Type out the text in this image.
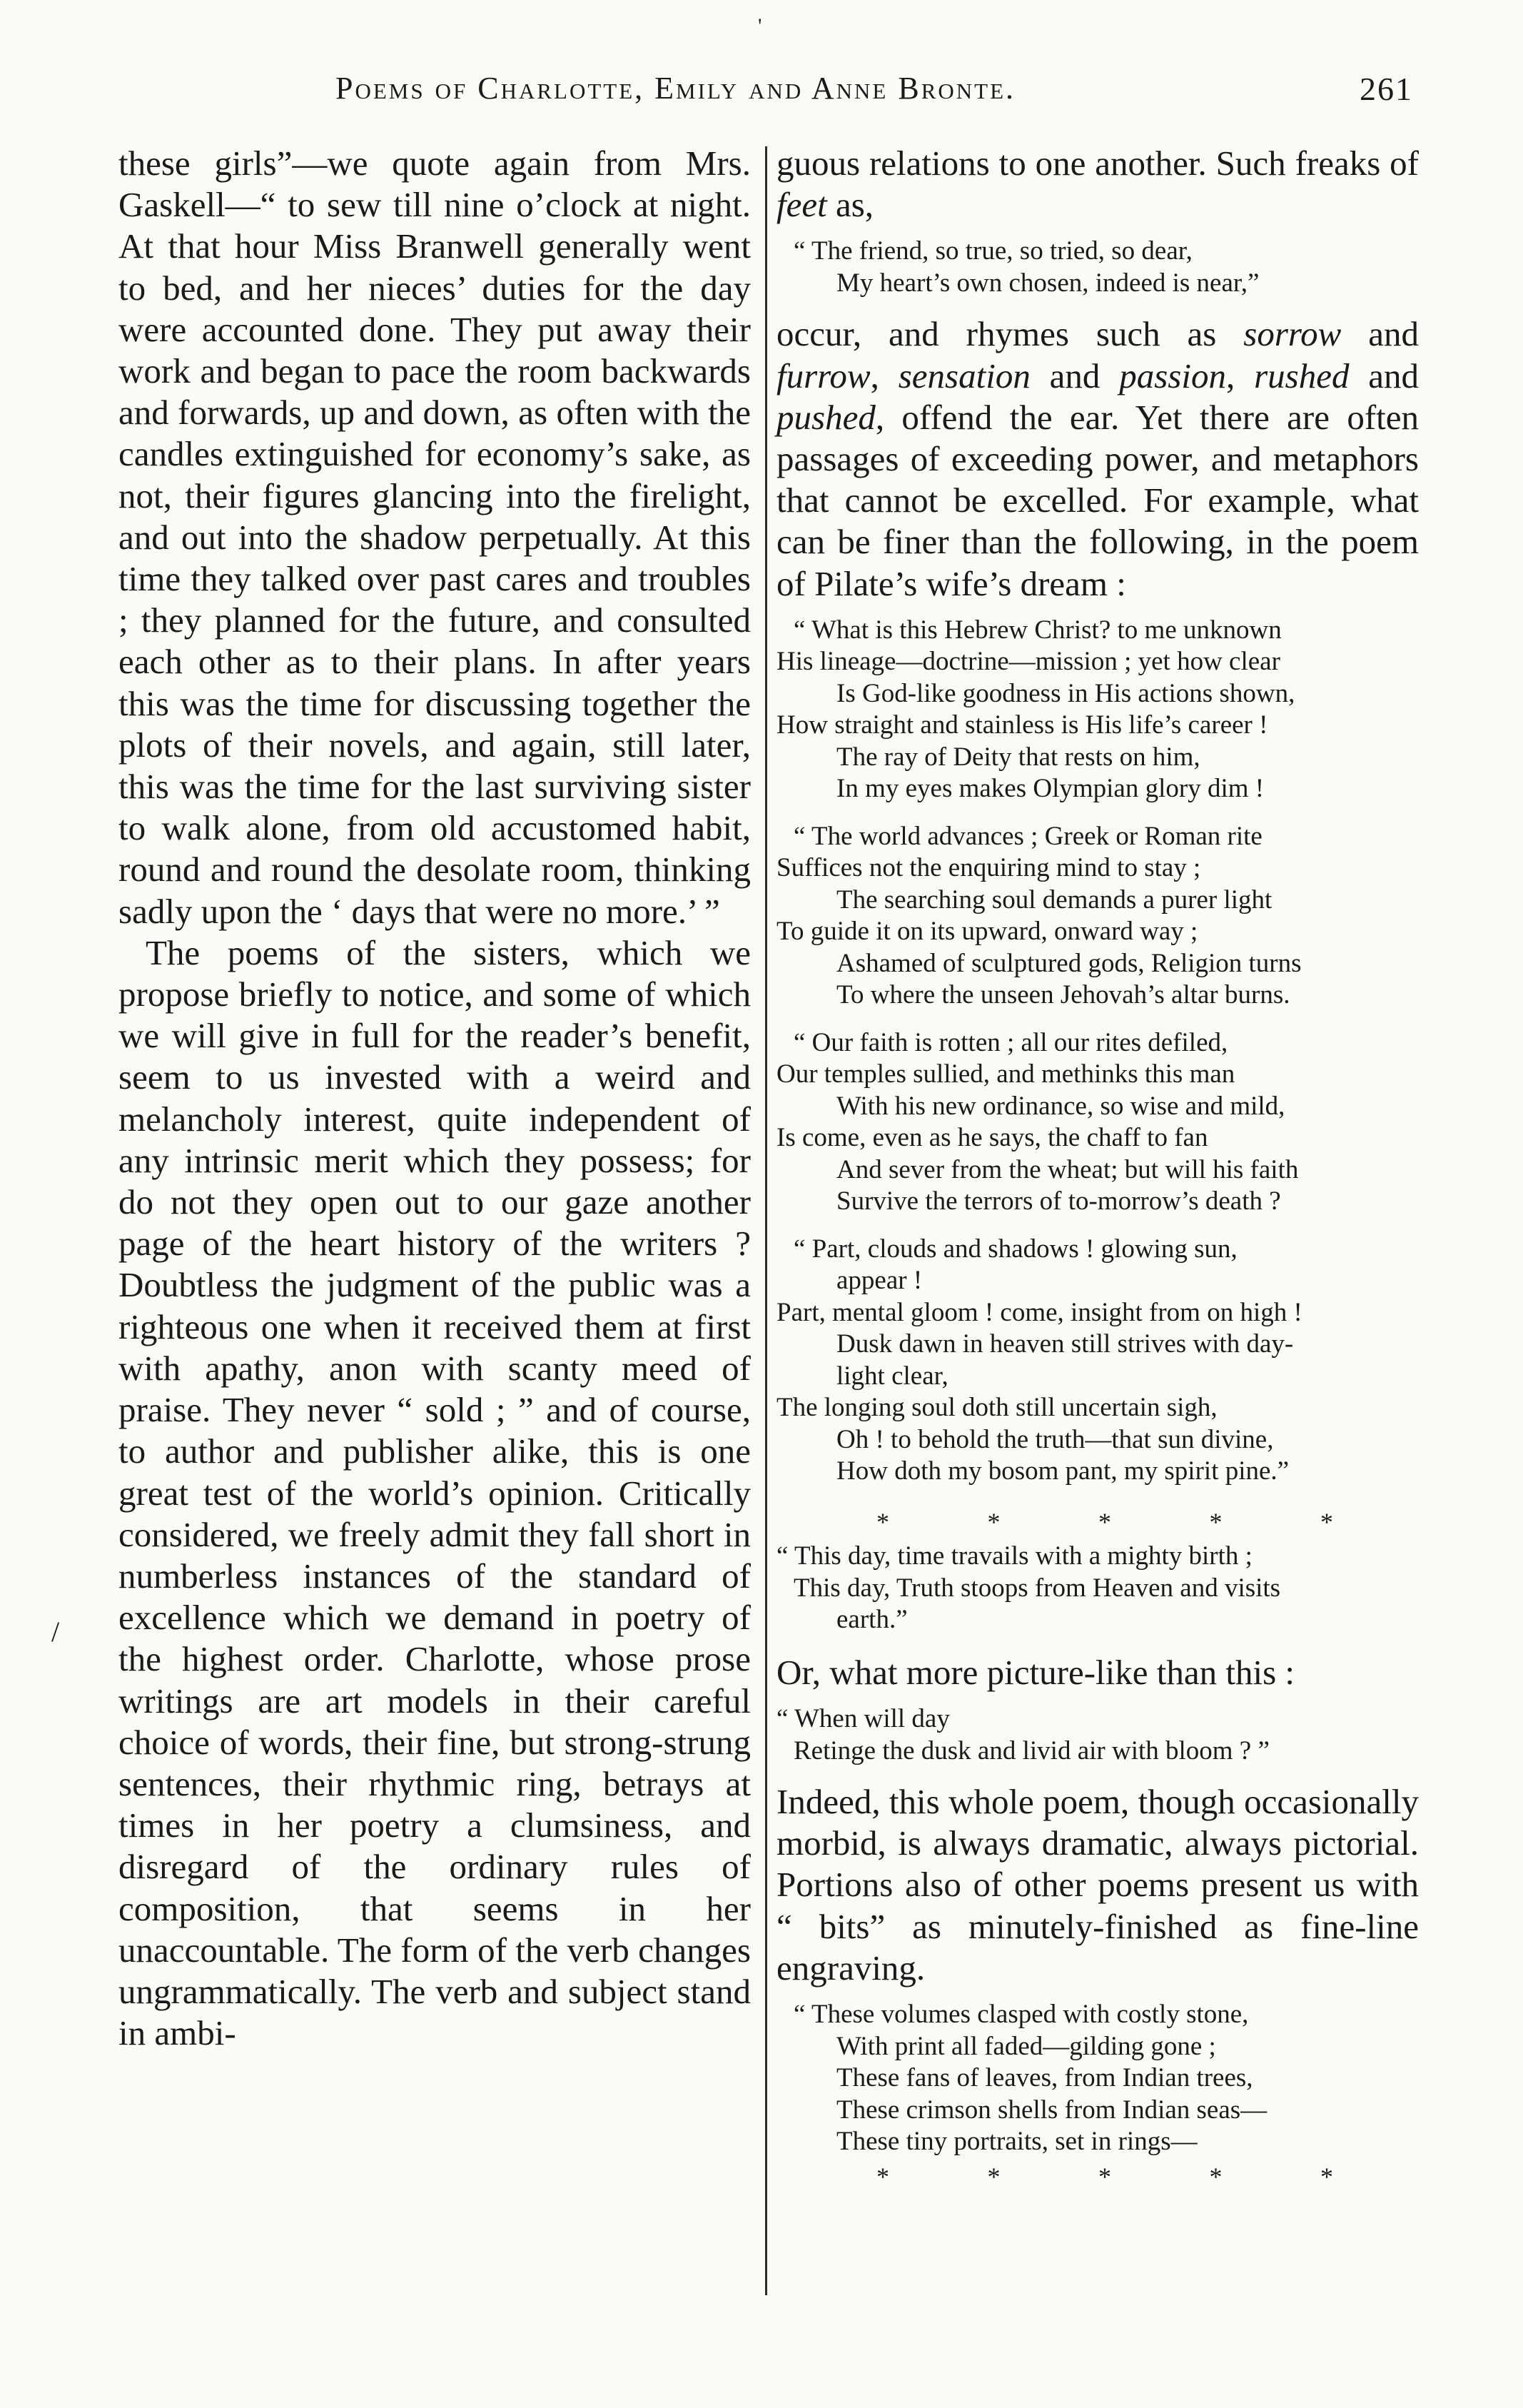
'
Poems of Charlotte, Emily and Anne Bronte.	261
/

these girls”—we quote again from Mrs. Gaskell—“ to sew till nine o’clock at night. At that hour Miss Branwell generally went to bed, and her nieces’ duties for the day were accounted done. They put away their work and began to pace the room backwards and forwards, up and down, as often with the candles extinguished for economy’s sake, as not, their figures glancing into the firelight, and out into the shadow perpetually. At this time they talked over past cares and troubles ; they planned for the future, and consulted each other as to their plans. In after years this was the time for discussing together the plots of their novels, and again, still later, this was the time for the last surviving sister to walk alone, from old accustomed habit, round and round the desolate room, thinking sadly upon the ‘ days that were no more.’ ”

The poems of the sisters, which we propose briefly to notice, and some of which we will give in full for the reader’s benefit, seem to us invested with a weird and melancholy interest, quite independent of any intrinsic merit which they possess; for do not they open out to our gaze another page of the heart history of the writers ? Doubtless the judgment of the public was a righteous one when it received them at first with apathy, anon with scanty meed of praise. They never “ sold ; ” and of course, to author and publisher alike, this is one great test of the world’s opinion. Critically considered, we freely admit they fall short in numberless instances of the standard of excellence which we demand in poetry of the highest order. Charlotte, whose prose writings are art models in their careful choice of words, their fine, but strong-strung sentences, their rhythmic ring, betrays at times in her poetry a clumsiness, and disregard of the ordinary rules of composition, that seems in her unaccountable. The form of the verb changes ungrammatically. The verb and subject stand in ambi-

guous relations to one another. Such freaks of feet as,

“ The friend, so true, so tried, so dear,
My heart’s own chosen, indeed is near,”

occur, and rhymes such as sorrow and furrow, sensation and passion, rushed and pushed, offend the ear. Yet there are often passages of exceeding power, and metaphors that cannot be excelled. For example, what can be finer than the following, in the poem of Pilate’s wife’s dream :

“ What is this Hebrew Christ? to me unknown
His lineage—doctrine—mission ; yet how clear
Is God-like goodness in His actions shown,
How straight and stainless is His life’s career !
The ray of Deity that rests on him,
In my eyes makes Olympian glory dim !
“ The world advances ; Greek or Roman rite
Suffices not the enquiring mind to stay ;
The searching soul demands a purer light
To guide it on its upward, onward way ;
Ashamed of sculptured gods, Religion turns
To where the unseen Jehovah’s altar burns.
“ Our faith is rotten ; all our rites defiled,
Our temples sullied, and methinks this man
With his new ordinance, so wise and mild,
Is come, even as he says, the chaff to fan
And sever from the wheat; but will his faith
Survive the terrors of to-morrow’s death ?
“ Part, clouds and shadows ! glowing sun,
appear !
Part, mental gloom ! come, insight from on high !
Dusk dawn in heaven still strives with day-
light clear,
The longing soul doth still uncertain sigh,
Oh ! to behold the truth—that sun divine,
How doth my bosom pant, my spirit pine.”
*	*	*	*	*
“ This day, time travails with a mighty birth ;
This day, Truth stoops from Heaven and visits
earth.”

Or, what more picture-like than this :

“ When will day
Retinge the dusk and livid air with bloom ? ”

Indeed, this whole poem, though occasionally morbid, is always dramatic, always pictorial. Portions also of other poems present us with “ bits” as minutely-finished as fine-line engraving.

“ These volumes clasped with costly stone,
With print all faded—gilding gone ;
These fans of leaves, from Indian trees,
These crimson shells from Indian seas—
These tiny portraits, set in rings—
*	*	*	*	*
